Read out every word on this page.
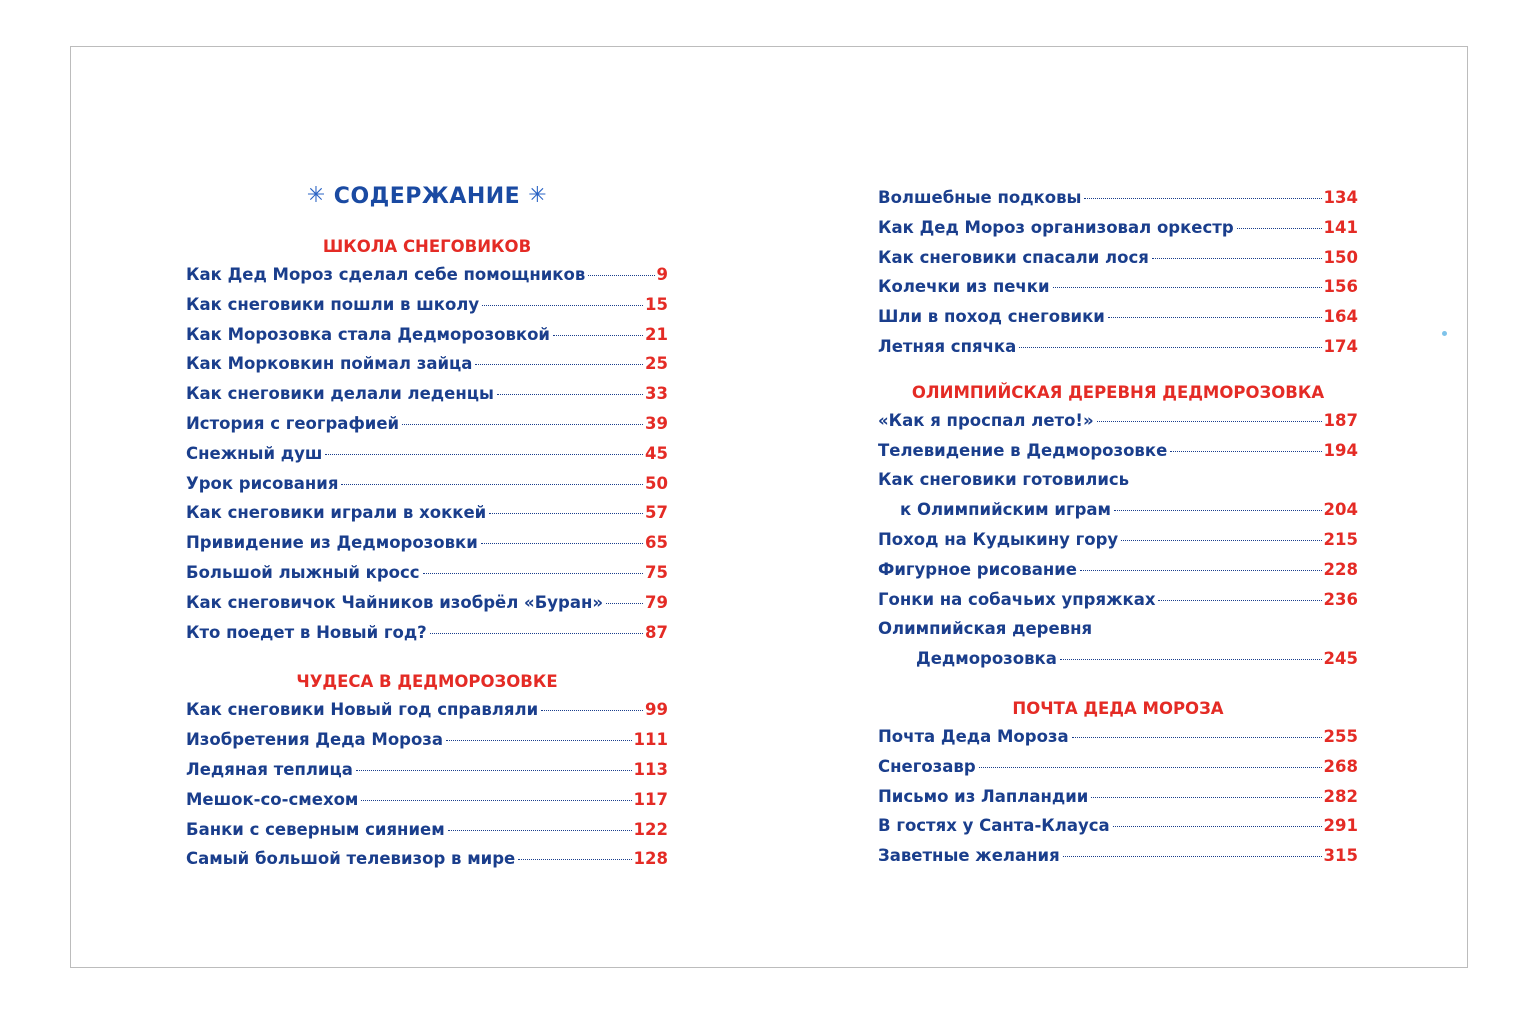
✳ СОДЕРЖАНИЕ ✳
ШКОЛА СНЕГОВИКОВ
Как Дед Мороз сделал себе помощников	9
Как снеговики пошли в школу	15
Как Морозовка стала Дедморозовкой	21
Как Морковкин поймал зайца	25
Как снеговики делали леденцы	33
История с географией	39
Снежный душ	45
Урок рисования	50
Как снеговики играли в хоккей	57
Привидение из Дедморозовки	65
Большой лыжный кросс	75
Как снеговичок Чайников изобрёл «Буран»	79
Кто поедет в Новый год?	87
ЧУДЕСА В ДЕДМОРОЗОВКЕ
Как снеговики Новый год справляли	99
Изобретения Деда Мороза	111
Ледяная теплица	113
Мешок-со-смехом	117
Банки с северным сиянием	122
Самый большой телевизор в мире	128
Волшебные подковы	134
Как Дед Мороз организовал оркестр	141
Как снеговики спасали лося	150
Колечки из печки	156
Шли в поход снеговики	164
Летняя спячка	174
ОЛИМПИЙСКАЯ ДЕРЕВНЯ ДЕДМОРОЗОВКА
«Как я проспал лето!»	187
Телевидение в Дедморозовке	194
Как снеговики готовились
к Олимпийским играм	204
Поход на Кудыкину гору	215
Фигурное рисование	228
Гонки на собачьих упряжках	236
Олимпийская деревня
Дедморозовка	245
ПОЧТА ДЕДА МОРОЗА
Почта Деда Мороза	255
Снегозавр	268
Письмо из Лапландии	282
В гостях у Санта-Клауса	291
Заветные желания	315
